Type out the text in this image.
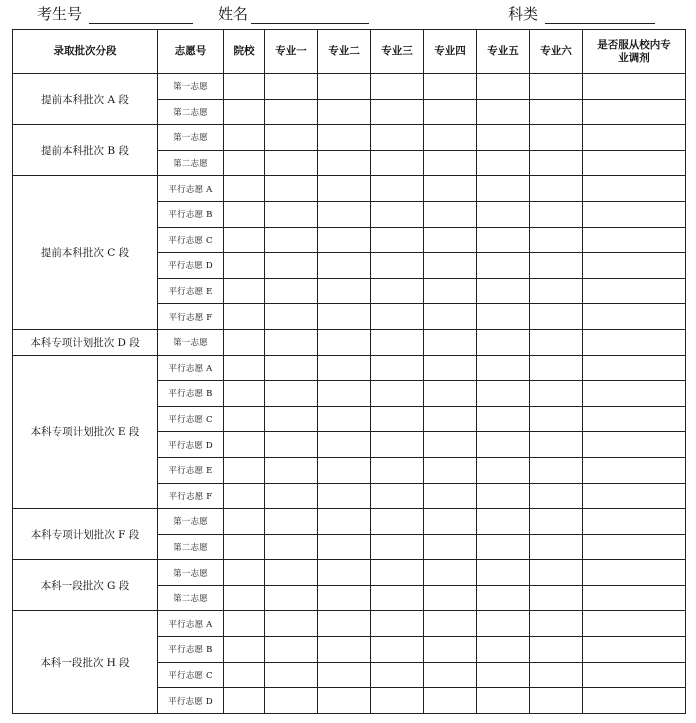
考生号	姓名	科类
录取批次分段	志愿号	院校	专业一	专业二	专业三	专业四	专业五	专业六	是否服从校内专业调剂
提前本科批次 A 段	第一志愿								
	第二志愿								
提前本科批次 B 段	第一志愿								
	第二志愿								
提前本科批次 C 段	平行志愿 A								
	平行志愿 B								
	平行志愿 C								
	平行志愿 D								
	平行志愿 E								
	平行志愿 F								
本科专项计划批次 D 段	第一志愿								
本科专项计划批次 E 段	平行志愿 A								
	平行志愿 B								
	平行志愿 C								
	平行志愿 D								
	平行志愿 E								
	平行志愿 F								
本科专项计划批次 F 段	第一志愿								
	第二志愿								
本科一段批次 G 段	第一志愿								
	第二志愿								
本科一段批次 H 段	平行志愿 A								
	平行志愿 B								
	平行志愿 C								
	平行志愿 D								
